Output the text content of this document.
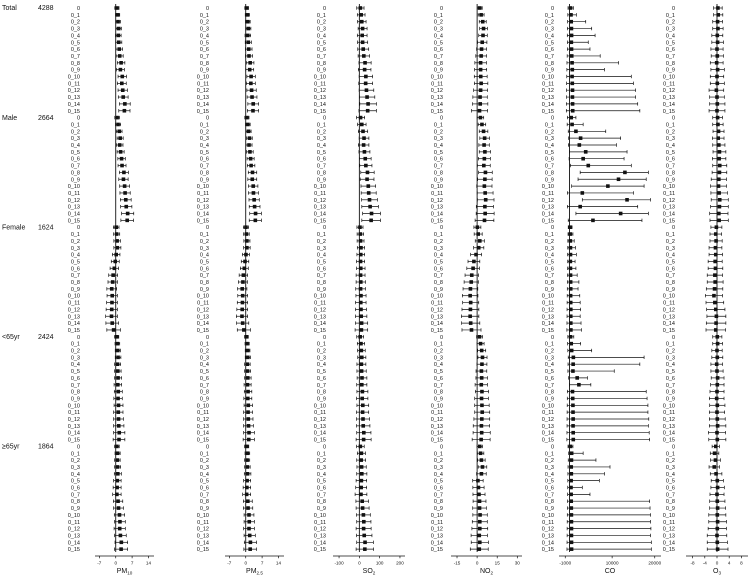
Total	4288
Male	2664
Female 1624
<65yr	2424
≥65yr	1864
-7	0	7	14
$PM_{10}$
0
0_1
0_2
0_3
0_4
0_5
0_6
0_7
0_8
0_9
0_10
0_11
0_12
0_13
0_14
0_15
0
0_1
0_2
0_3
0_4
0_5
0_6
0_7
0_8
0_9
0_10
0_11
0_12
0_13
0_14
0_15
0
0_1
0_2
0_3
0_4
0_5
0_6
0_7
0_8
0_9
0_10
0_11
0_12
0_13
0_14
0_15
0
0_1
0_2
0_3
0_4
0_5
0_6
0_7
0_8
0_9
0_10
0_11
0_12
0_13
0_14
0_15
0
0_1
0_2
0_3
0_4
0_5
0_6
0_7
0_8
0_9
0_10
0_11
0_12
0_13
0_14
0_15
-7	0	7	14
$PM_{2.5}$
0
0_1
0_2
0_3
0_4
0_5
0_6
0_7
0_8
0_9
0_10
0_11
0_12
0_13
0_14
0_15
0
0_1
0_2
0_3
0_4
0_5
0_6
0_7
0_8
0_9
0_10
0_11
0_12
0_13
0_14
0_15
0
0_1
0_2
0_3
0_4
0_5
0_6
0_7
0_8
0_9
0_10
0_11
0_12
0_13
0_14
0_15
0
0_1
0_2
0_3
0_4
0_5
0_6
0_7
0_8
0_9
0_10
0_11
0_12
0_13
0_14
0_15
0
0_1
0_2
0_3
0_4
0_5
0_6
0_7
0_8
0_9
0_10
0_11
0_12
0_13
0_14
0_15
-100	0	100	200
$SO_2$
0
0_1
0_2
0_3
0_4
0_5
0_6
0_7
0_8
0_9
0_10
0_11
0_12
0_13
0_14
0_15
0
0_1
0_2
0_3
0_4
0_5
0_6
0_7
0_8
0_9
0_10
0_11
0_12
0_13
0_14
0_15
0
0_1
0_2
0_3
0_4
0_5
0_6
0_7
0_8
0_9
0_10
0_11
0_12
0_13
0_14
0_15
0
0_1
0_2
0_3
0_4
0_5
0_6
0_7
0_8
0_9
0_10
0_11
0_12
0_13
0_14
0_15
0
0_1
0_2
0_3
0_4
0_5
0_6
0_7
0_8
0_9
0_10
0_11
0_12
0_13
0_14
0_15
-15	0	15	30
$NO_2$
0
0_1
0_2
0_3
0_4
0_5
0_6
0_7
0_8
0_9
0_10
0_11
0_12
0_13
0_14
0_15
0
0_1
0_2
0_3
0_4
0_5
0_6
0_7
0_8
0_9
0_10
0_11
0_12
0_13
0_14
0_15
0
0_1
0_2
0_3
0_4
0_5
0_6
0_7
0_8
0_9
0_10
0_11
0_12
0_13
0_14
0_15
0
0_1
0_2
0_3
0_4
0_5
0_6
0_7
0_8
0_9
0_10
0_11
0_12
0_13
0_14
0_15
0
0_1
0_2
0_3
0_4
0_5
0_6
0_7
0_8
0_9
0_10
0_11
0_12
0_13
0_14
0_15
-1000	10000	20000
CO
0
0_1
0_2
0_3
0_4
0_5
0_6
0_7
0_8
0_9
0_10
0_11
0_12
0_13
0_14
0_15
0
0_1
0_2
0_3
0_4
0_5
0_6
0_7
0_8
0_9
0_10
0_11
0_12
0_13
0_14
0_15
0
0_1
0_2
0_3
0_4
0_5
0_6
0_7
0_8
0_9
0_10
0_11
0_12
0_13
0_14
0_15
0
0_1
0_2
0_3
0_4
0_5
0_6
0_7
0_8
0_9
0_10
0_11
0_12
0_13
0_14
0_15
0
0_1
0_2
0_3
0_4
0_5
0_6
0_7
0_8
0_9
0_10
0_11
0_12
0_13
0_14
0_15
-8 -4 0 4 8
$O_3$
0
0_1
0_2
0_3
0_4
0_5
0_6
0_7
0_8
0_9
0_10
0_11
0_12
0_13
0_14
0_15
0
0_1
0_2
0_3
0_4
0_5
0_6
0_7
0_8
0_9
0_10
0_11
0_12
0_13
0_14
0_15
0
0_1
0_2
0_3
0_4
0_5
0_6
0_7
0_8
0_9
0_10
0_11
0_12
0_13
0_14
0_15
0
0_1
0_2
0_3
0_4
0_5
0_6
0_7
0_8
0_9
0_10
0_11
0_12
0_13
0_14
0_15
0
0_1
0_2
0_3
0_4
0_5
0_6
0_7
0_8
0_9
0_10
0_11
0_12
0_13
0_14
0_15
